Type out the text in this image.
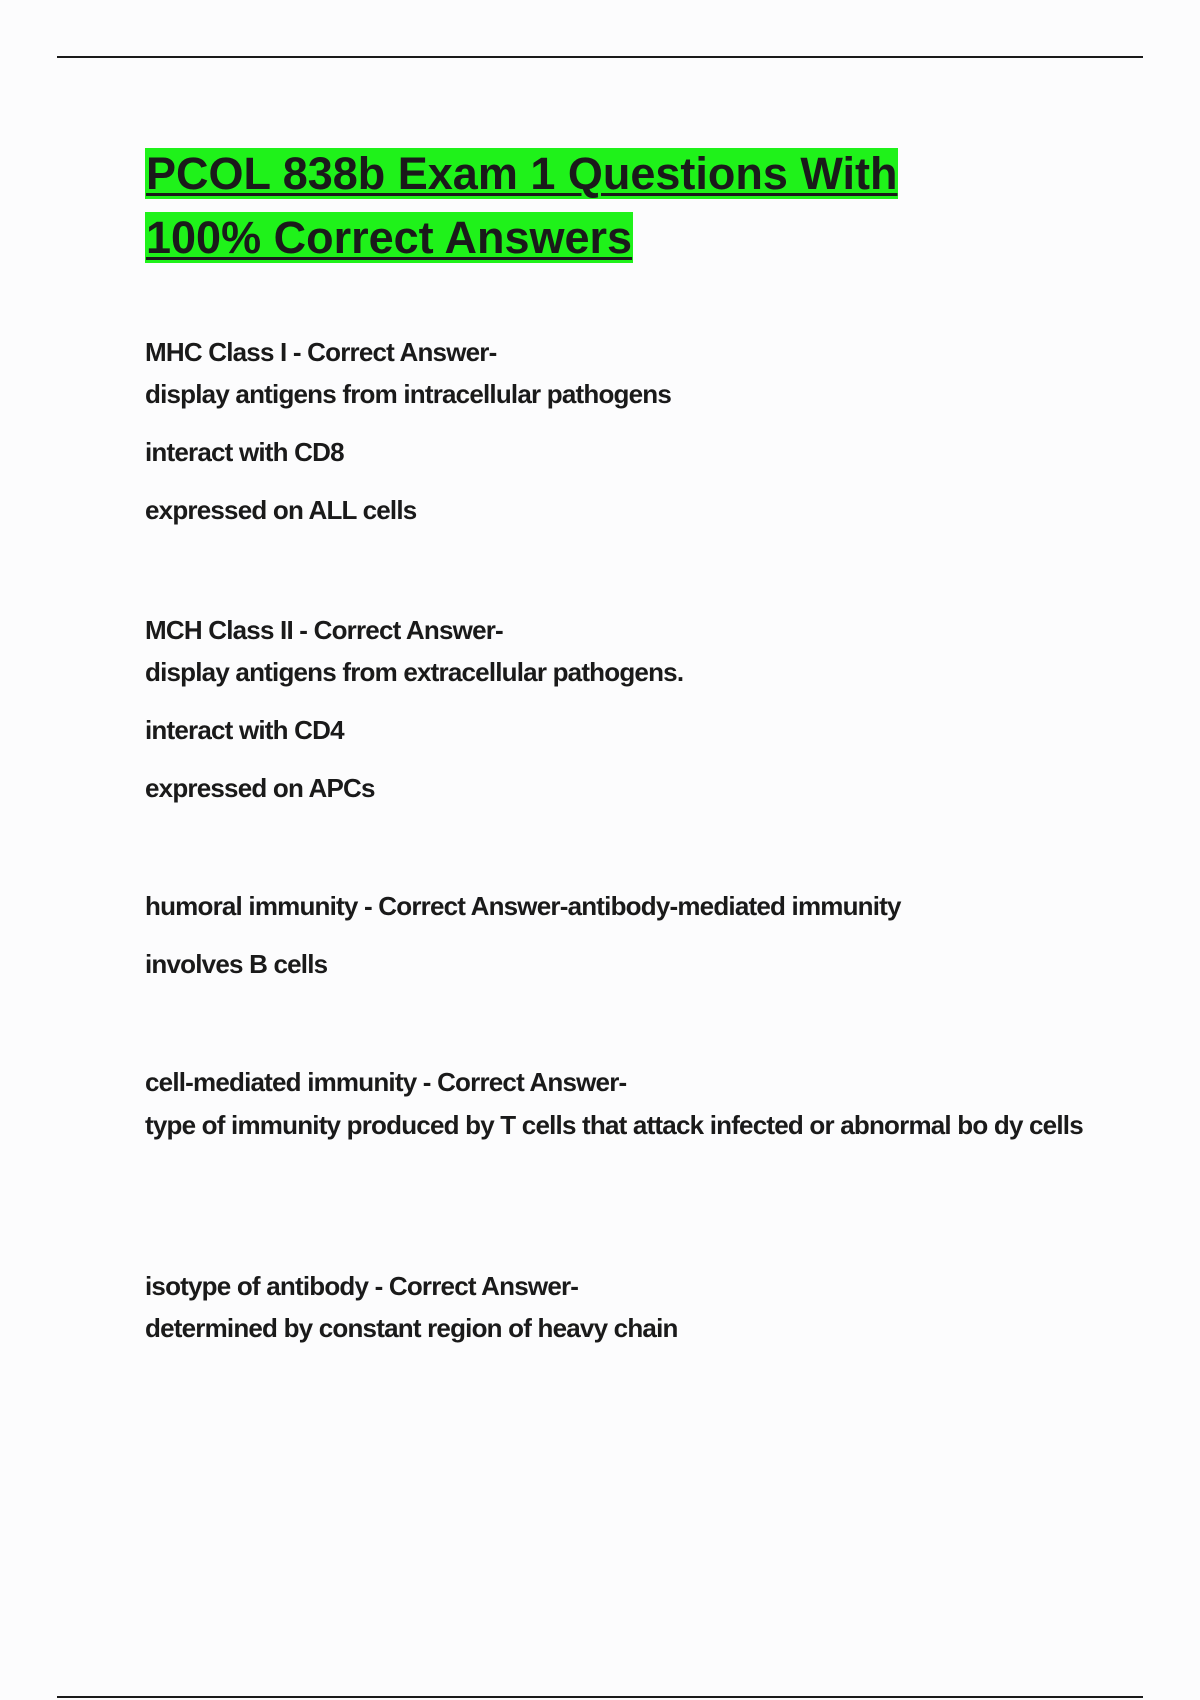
PCOL 838b Exam 1 Questions With
100% Correct Answers
MHC Class I - Correct Answer-
display antigens from intracellular pathogens
interact with CD8
expressed on ALL cells
MCH Class II - Correct Answer-
display antigens from extracellular pathogens.
interact with CD4
expressed on APCs
humoral immunity - Correct Answer-antibody-mediated immunity
involves B cells
cell-mediated immunity - Correct Answer-
type of immunity produced by T cells that attack infected or abnormal bo dy cells
isotype of antibody - Correct Answer-
determined by constant region of heavy chain
